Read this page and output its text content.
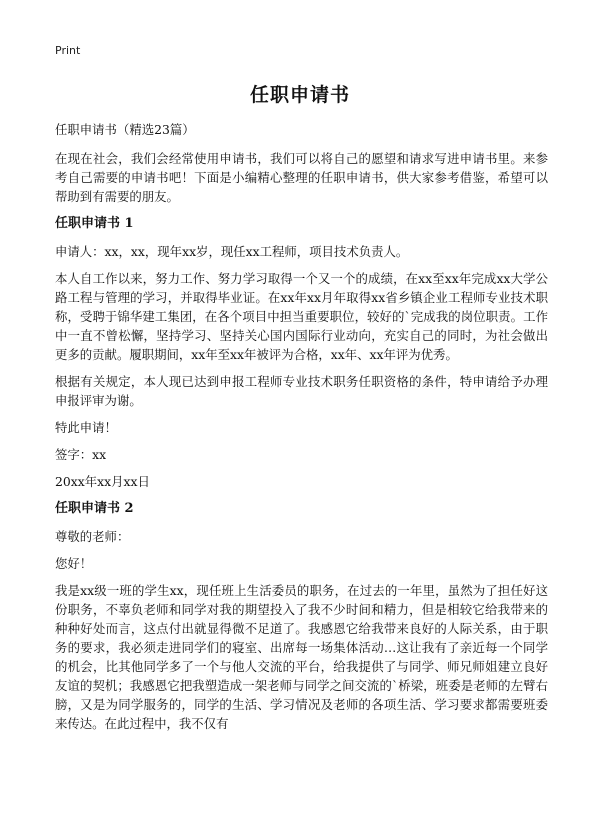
Print
任职申请书

任职申请书（精选23篇）

在现在社会，我们会经常使用申请书，我们可以将自己的愿望和请求写进申请书里。来参考自己需要的申请书吧！下面是小编精心整理的任职申请书，供大家参考借鉴，希望可以帮助到有需要的朋友。

任职申请书 1

申请人：xx，xx，现年xx岁，现任xx工程师，项目技术负责人。

本人自工作以来，努力工作、努力学习取得一个又一个的成绩，在xx至xx年完成xx大学公路工程与管理的学习，并取得毕业证。在xx年xx月年取得xx省乡镇企业工程师专业技术职称，受聘于锦华建工集团，在各个项目中担当重要职位，较好的`完成我的岗位职责。工作中一直不曾松懈，坚持学习、坚持关心国内国际行业动向，充实自己的同时，为社会做出更多的贡献。履职期间，xx年至xx年被评为合格，xx年、xx年评为优秀。

根据有关规定，本人现已达到申报工程师专业技术职务任职资格的条件，特申请给予办理申报评审为谢。

特此申请！

签字：xx

20xx年xx月xx日

任职申请书 2

尊敬的老师：

您好！

我是xx级一班的学生xx，现任班上生活委员的职务，在过去的一年里，虽然为了担任好这份职务，不辜负老师和同学对我的期望投入了我不少时间和精力，但是相较它给我带来的种种好处而言，这点付出就显得微不足道了。我感恩它给我带来良好的人际关系，由于职务的要求，我必须走进同学们的寝室、出席每一场集体活动…这让我有了亲近每一个同学的机会，比其他同学多了一个与他人交流的平台，给我提供了与同学、师兄师姐建立良好友谊的契机；我感恩它把我塑造成一架老师与同学之间交流的`桥梁，班委是老师的左臂右膀，又是为同学服务的，同学的生活、学习情况及老师的各项生活、学习要求都需要班委来传达。在此过程中，我不仅有
